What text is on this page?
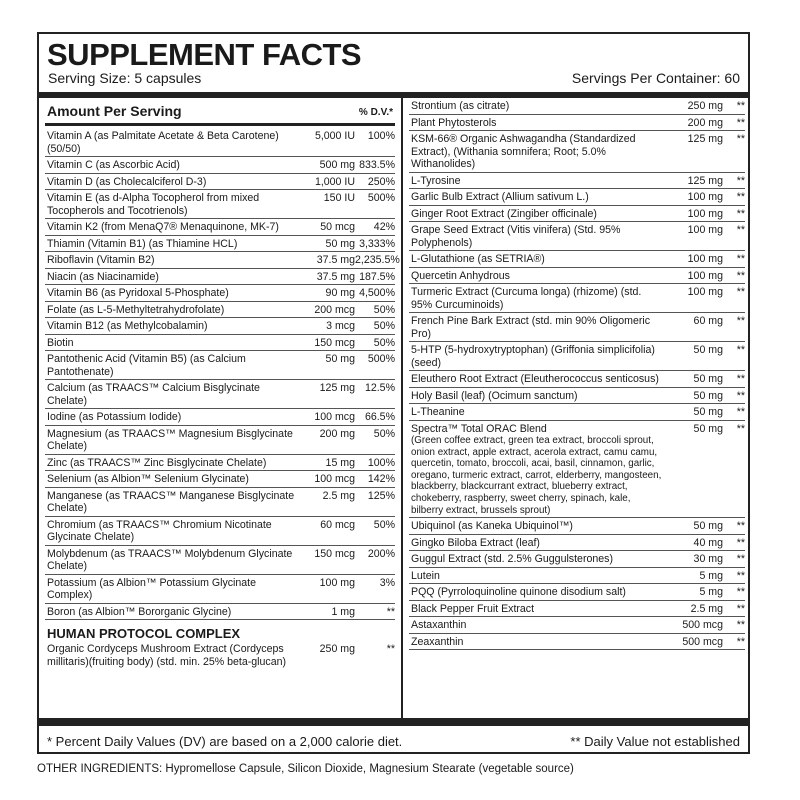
SUPPLEMENT FACTS
Serving Size: 5 capsules	Servings Per Container: 60
Amount Per Serving	% D.V.*
Vitamin A (as Palmitate Acetate & Beta Carotene) (50/50)
5,000 IU	100%
Vitamin C (as Ascorbic Acid)	500 mg 833.5%
Vitamin D (as Cholecalciferol D-3)	1,000 IU	250%
Vitamin E (as d-Alpha Tocopherol from mixed Tocopherols and Tocotrienols)
150 IU	500%
Vitamin K2 (from MenaQ7® Menaquinone, MK-7)	50 mcg	42%
Thiamin (Vitamin B1) (as Thiamine HCL)	50 mg 3,333%
Riboflavin (Vitamin B2)	37.5 mg 2,235.5%
Niacin (as Niacinamide)	37.5 mg 187.5%
Vitamin B6 (as Pyridoxal 5-Phosphate)	90 mg 4,500%
Folate (as L-5-Methyltetrahydrofolate)	200 mcg	50%
Vitamin B12 (as Methylcobalamin)	3 mcg	50%
Biotin	150 mcg	50%
Pantothenic Acid (Vitamin B5) (as Calcium Pantothenate)
50 mg	500%
Calcium (as TRAACS™ Calcium Bisglycinate Chelate)
125 mg 12.5%
Iodine (as Potassium Iodide)	100 mcg 66.5%
Magnesium (as TRAACS™ Magnesium Bisglycinate Chelate)
200 mg	50%
Zinc (as TRAACS™ Zinc Bisglycinate Chelate)	15 mg	100%
Selenium (as Albion™ Selenium Glycinate)	100 mcg	142%
Manganese (as TRAACS™ Manganese Bisglycinate Chelate)
2.5 mg	125%
Chromium (as TRAACS™ Chromium Nicotinate Glycinate Chelate)
60 mcg	50%
Molybdenum (as TRAACS™ Molybdenum Glycinate Chelate)
150 mcg	200%
Potassium (as Albion™ Potassium Glycinate Complex)
100 mg	3%
Boron (as Albion™ Bororganic Glycine)	1 mg	**
HUMAN PROTOCOL COMPLEX
Organic Cordyceps Mushroom Extract (Cordyceps millitaris)(fruiting body) (std. min. 25% beta-glucan)
250 mg	**
Strontium (as citrate)	250 mg	**
Plant Phytosterols	200 mg	**
KSM-66® Organic Ashwagandha (Standardized Extract), (Withania somnifera; Root; 5.0% Withanolides)
125 mg	**
L-Tyrosine	125 mg	**
Garlic Bulb Extract (Allium sativum L.)	100 mg	**
Ginger Root Extract (Zingiber officinale)	100 mg	**
Grape Seed Extract (Vitis vinifera) (Std. 95% Polyphenols)
100 mg	**
L-Glutathione (as SETRIA®)	100 mg	**
Quercetin Anhydrous	100 mg	**
Turmeric Extract (Curcuma longa) (rhizome) (std. 95% Curcuminoids)
100 mg	**
French Pine Bark Extract (std. min 90% Oligomeric Pro)
60 mg	**
5-HTP (5-hydroxytryptophan) (Griffonia simplicifolia) (seed)
50 mg	**
Eleuthero Root Extract (Eleutherococcus senticosus)	50 mg	**
Holy Basil (leaf) (Ocimum sanctum)	50 mg	**
L-Theanine	50 mg	**
Spectra™ Total ORAC Blend
(Green coffee extract, green tea extract, broccoli sprout, onion extract, apple extract, acerola extract, camu camu, quercetin, tomato, broccoli, acai, basil, cinnamon, garlic, oregano, turmeric extract, carrot, elderberry, mangosteen, blackberry, blackcurrant extract, blueberry extract, chokeberry, raspberry, sweet cherry, spinach, kale, bilberry extract, brussels sprout)
50 mg	**
Ubiquinol (as Kaneka Ubiquinol™)	50 mg	**
Gingko Biloba Extract (leaf)	40 mg	**
Guggul Extract (std. 2.5% Guggulsterones)	30 mg	**
Lutein	5 mg	**
PQQ (Pyrroloquinoline quinone disodium salt)	5 mg	**
Black Pepper Fruit Extract	2.5 mg	**
Astaxanthin	500 mcg	**
Zeaxanthin	500 mcg	**
* Percent Daily Values (DV) are based on a 2,000 calorie diet.	** Daily Value not established
OTHER INGREDIENTS: Hypromellose Capsule, Silicon Dioxide, Magnesium Stearate (vegetable source)
